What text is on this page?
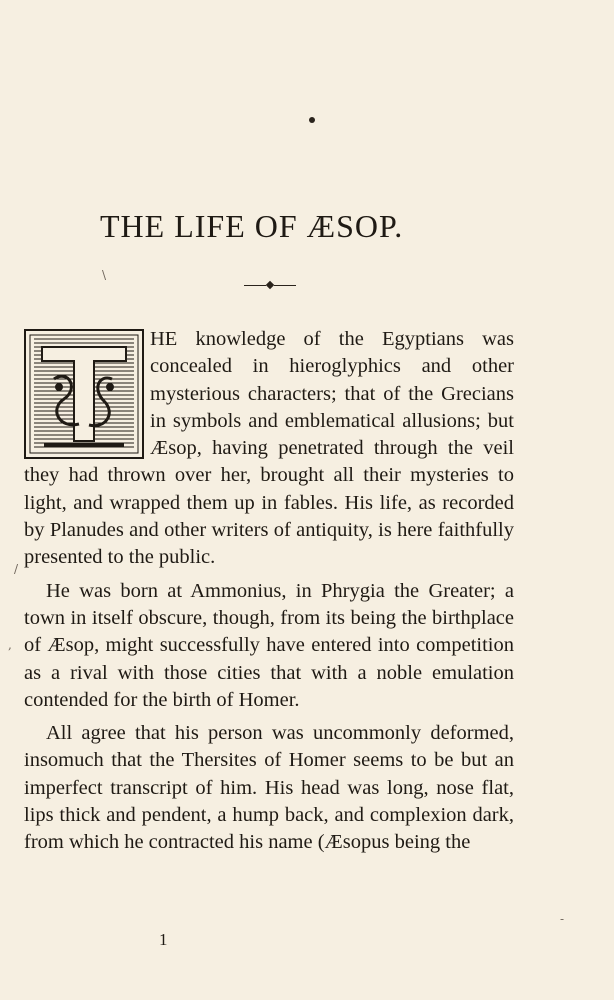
THE LIFE OF ÆSOP.

HE knowledge of the Egyptians was concealed in hieroglyphics and other mysterious characters; that of the Grecians in symbols and emblematical allusions; but Æsop, having penetrated through the veil they had thrown over her, brought all their mysteries to light, and wrapped them up in fables. His life, as recorded by Planudes and other writers of antiquity, is here faithfully presented to the public.

He was born at Ammonius, in Phrygia the Greater; a town in itself obscure, though, from its being the birthplace of Æsop, might successfully have entered into competition as a rival with those cities that with a noble emulation contended for the birth of Homer.

All agree that his person was uncommonly deformed, insomuch that the Thersites of Homer seems to be but an imperfect transcript of him. His head was long, nose flat, lips thick and pendent, a hump back, and complexion dark, from which he contracted his name (Æsopus being the

1
\
/
,
-
